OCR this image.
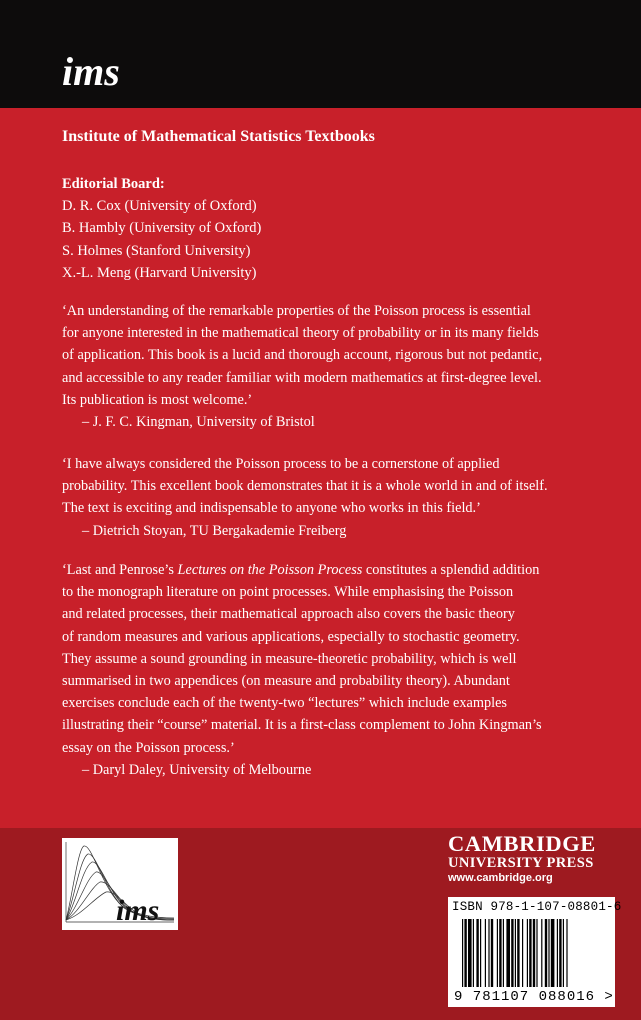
ims
Institute of Mathematical Statistics Textbooks
Editorial Board:
D. R. Cox (University of Oxford)
B. Hambly (University of Oxford)
S. Holmes (Stanford University)
X.-L. Meng (Harvard University)
‘An understanding of the remarkable properties of the Poisson process is essential
for anyone interested in the mathematical theory of probability or in its many fields
of application. This book is a lucid and thorough account, rigorous but not pedantic,
and accessible to any reader familiar with modern mathematics at first-degree level.
Its publication is most welcome.’
– J. F. C. Kingman, University of Bristol
‘I have always considered the Poisson process to be a cornerstone of applied
probability. This excellent book demonstrates that it is a whole world in and of itself.
The text is exciting and indispensable to anyone who works in this field.’
– Dietrich Stoyan, TU Bergakademie Freiberg
‘Last and Penrose’s Lectures on the Poisson Process constitutes a splendid addition
to the monograph literature on point processes. While emphasising the Poisson
and related processes, their mathematical approach also covers the basic theory
of random measures and various applications, especially to stochastic geometry.
They assume a sound grounding in measure-theoretic probability, which is well
summarised in two appendices (on measure and probability theory). Abundant
exercises conclude each of the twenty-two “lectures” which include examples
illustrating their “course” material. It is a first-class complement to John Kingman’s
essay on the Poisson process.’
– Daryl Daley, University of Melbourne
ims
CAMBRIDGE
UNIVERSITY PRESS
www.cambridge.org
ISBN 978-1-107-08801-6
9 781107 088016 >
